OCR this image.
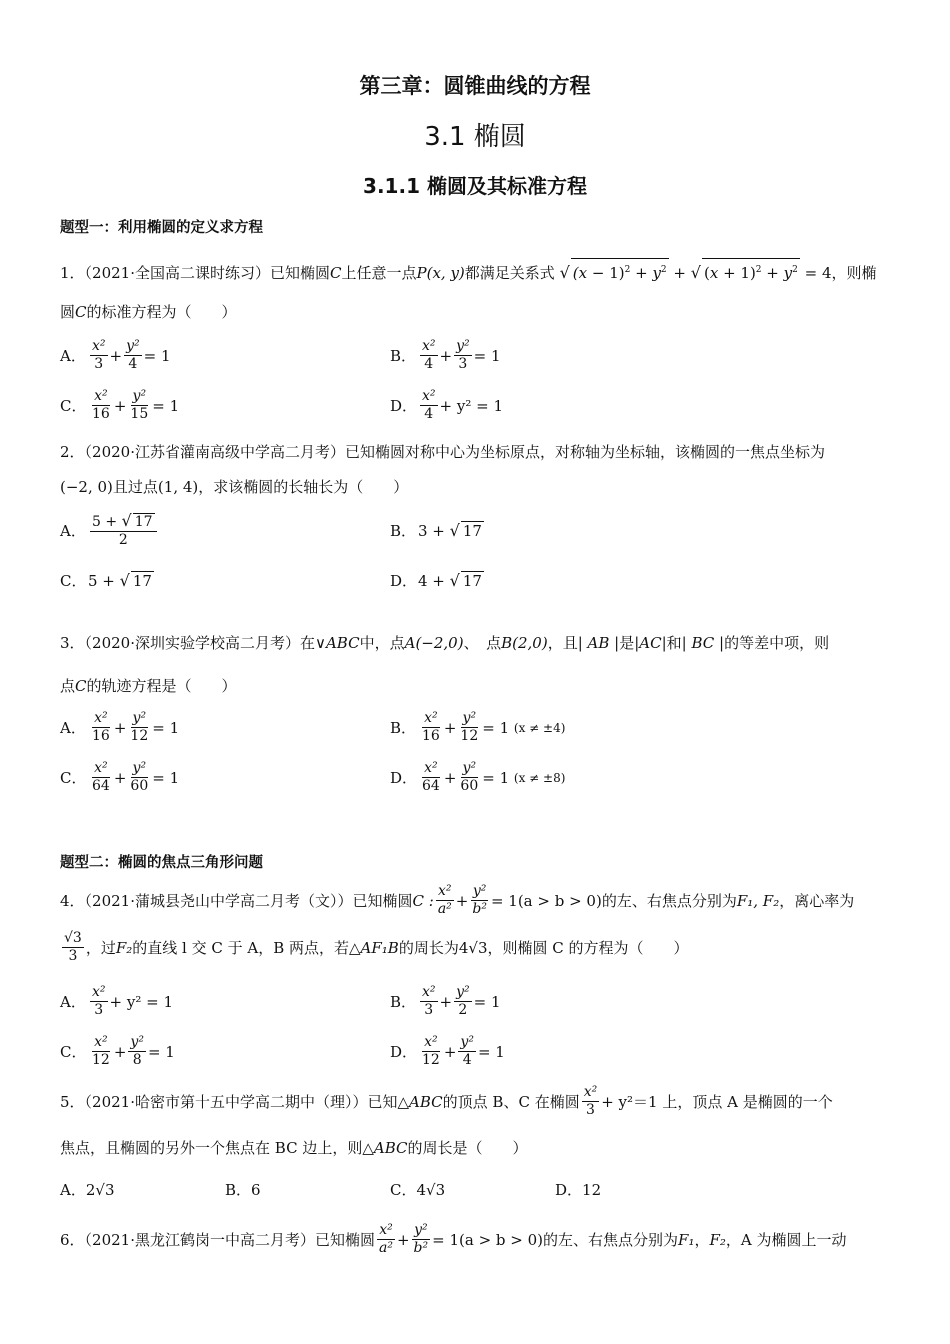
第三章：圆锥曲线的方程
3.1 椭圆
3.1.1 椭圆及其标准方程
题型一：利用椭圆的定义求方程
1．（2021·全国高二课时练习）已知椭圆C上任意一点P(x, y)都满足关系式 √ $(x - 1)^2 + y^2$ + √ $(x + 1)^2 + y^2 = 4$，则椭
圆C的标准方程为（　　）
A．
x²
$3 + \frac{\text{y²}}{4} = 1$	B．
x²
$4 + \frac{\text{y²}}{3} = 1$
C．
x²
$16 + \frac{\text{y²}}{15} = 1$	D．
x²
4 + y² = 1
2．（2020·江苏省灌南高级中学高二月考）已知椭圆对称中心为坐标原点，对称轴为坐标轴，该椭圆的一焦点坐标为
(−2, 0)且过点(1, 4)，求该椭圆的长轴长为（　　）
A． 5 + √ 17
2	B． 3 +
√ 17
C． 5 +
√ 17	D． 4 +
√ 17
3．（2020·深圳实验学校高二月考）在∨ABC中，点A(−2,0)、　点B(2,0)，且| AB |是|AC|和| BC |的等差中项，则
点C的轨迹方程是（　　）
A．
x²
$16 + \frac{\text{y²}}{12} = 1$	B．
x²
$16 + \frac{\text{y²}}{12} = 1$
(x ≠ ±4)
C．
x²
$64 + \frac{\text{y²}}{60} = 1$	D．
x²
$64 + \frac{\text{y²}}{60} = 1$
(x ≠ ±8)
题型二：椭圆的焦点三角形问题
4．（2021·蒲城县尧山中学高二月考（文））已知椭圆 C :
x²
$a^2 + \frac{\text{y²}}{\text{b²}} = 1(a > b > 0)$ 的左、右焦点分别为 F₁, F₂ ，离心率为
√3
3 ，过 F₂ 的直线 l 交 C 于 A，B 两点，若 △AF₁B 的周长为 4√3 ，则椭圆 C 的方程为（　　）
A．
x²
3 + y² = 1	B．
x²
$3 + \frac{\text{y²}}{2} = 1$
C．
x²
$12 + \frac{\text{y²}}{8} = 1$	D．
x²
$12 + \frac{\text{y²}}{4} = 1$
5．（2021·哈密市第十五中学高二期中（理））已知 △ABC 的顶点 B、C 在椭圆
x²
3 + y²＝1 上，顶点 A 是椭圆的一个
焦点，且椭圆的另外一个焦点在 BC 边上，则△ABC的周长是（　　）
A． 2√3	B． 6	C． 4√3	D． 12
6．（2021·黑龙江鹤岗一中高二月考）已知椭圆
x²
$a^2 + \frac{\text{y²}}{\text{b²}} = 1(a > b > 0)$ 的左、右焦点分别为 F₁ ， F₂ ，A 为椭圆上一动
